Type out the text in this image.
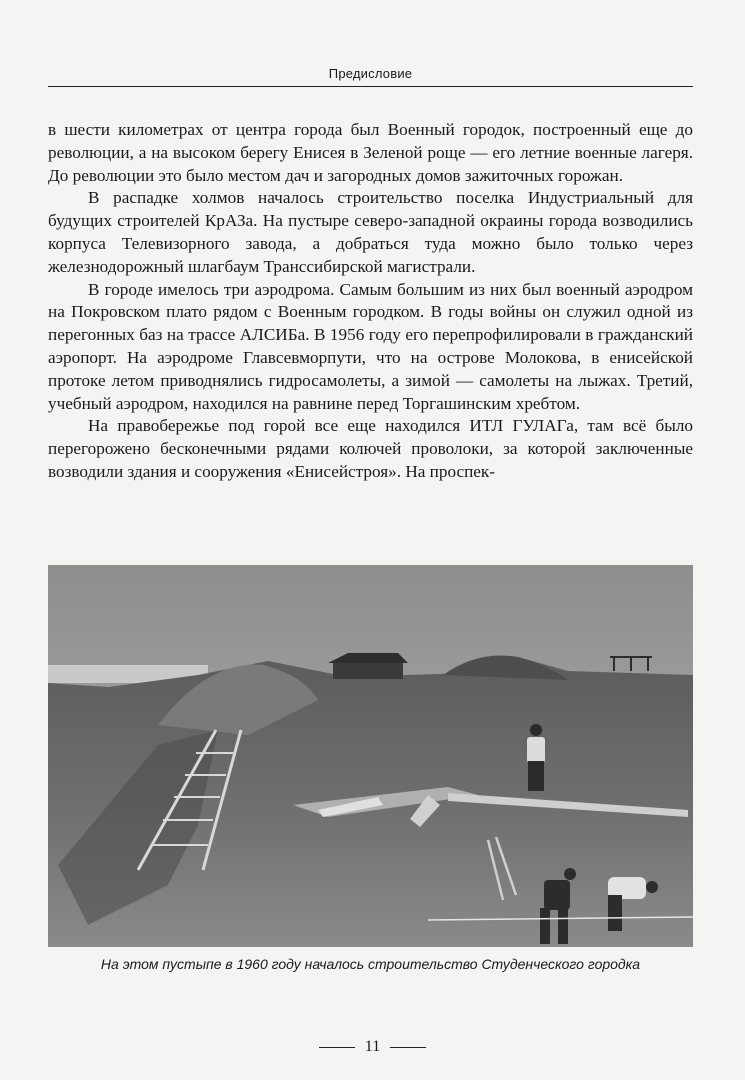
Предисловие

в шести километрах от центра города был Военный городок, построенный еще до революции, а на высоком берегу Енисея в Зеленой роще — его летние военные лагеря. До революции это было местом дач и загородных домов зажиточных горожан.

В распадке холмов началось строительство поселка Индустриальный для будущих строителей КрАЗа. На пустыре северо-западной окраины города возводились корпуса Телевизорного завода, а добраться туда можно было только через железнодорожный шлагбаум Транссибирской магистрали.

В городе имелось три аэродрома. Самым большим из них был военный аэродром на Покровском плато рядом с Военным городком. В годы войны он служил одной из перегонных баз на трассе АЛСИБа. В 1956 году его перепрофилировали в гражданский аэропорт. На аэродроме Главсевморпути, что на острове Молокова, в енисейской протоке летом приводнялись гидросамолеты, а зимой — самолеты на лыжах. Третий, учебный аэродром, находился на равнине перед Торгашинским хребтом.

На правобережье под горой все еще находился ИТЛ ГУЛАГа, там всё было перегорожено бесконечными рядами колючей проволоки, за которой заключенные возводили здания и сооружения «Енисейстроя». На проспек-

На этом пустыпе в 1960 году началось строительство Студенческого городка
11
